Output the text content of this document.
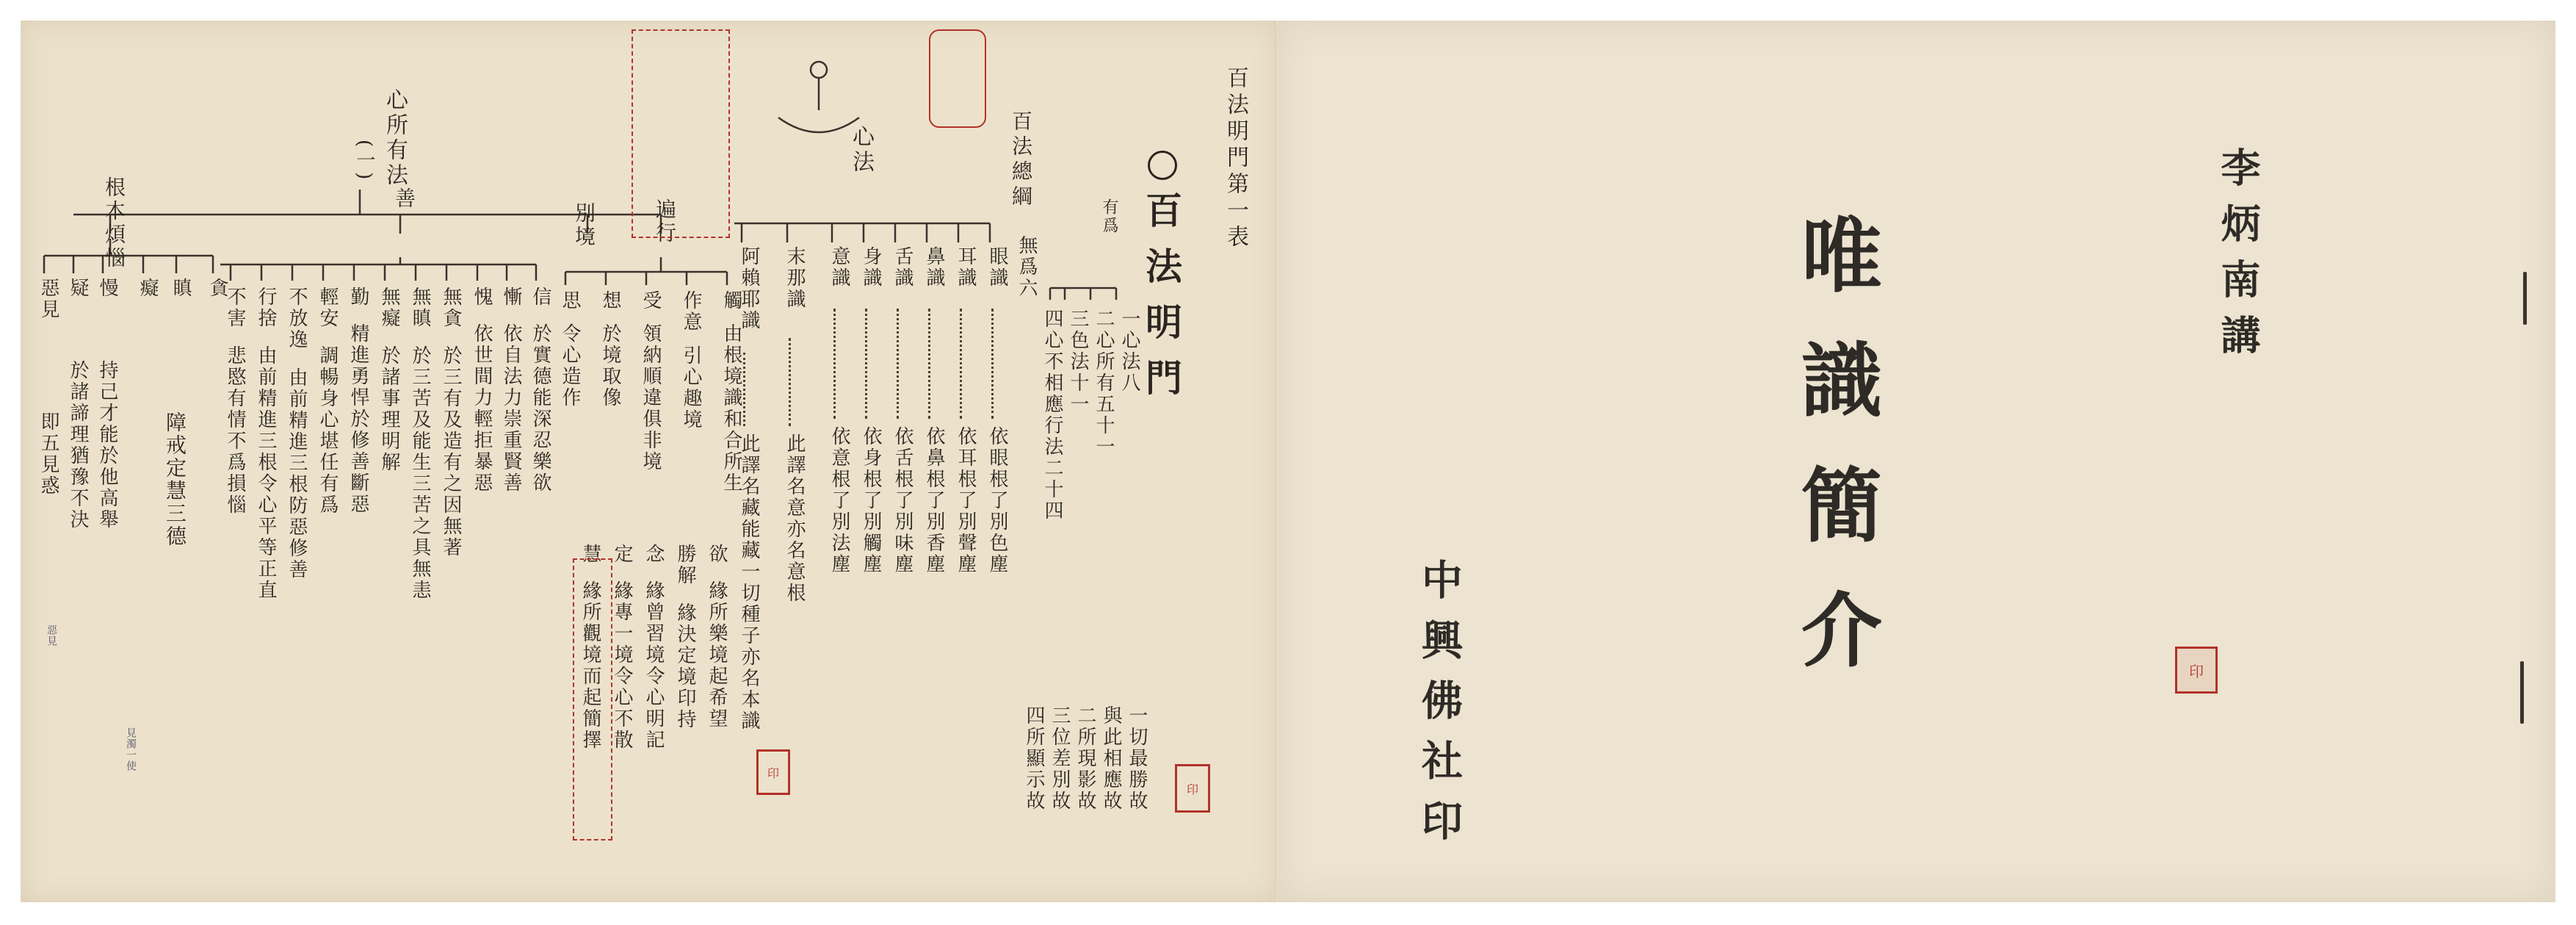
李炳南講
唯識簡介
中興佛社印	印
百法明門第一表
百法明門
百法總綱
有爲
一心法八
二心所有五十一
三色法十一
四心不相應行法二十四
無爲六
一切最勝故
與此相應故
二所現影故
三位差別故
四所顯示故
心法
眼識
依眼根了別色塵
耳識
依耳根了別聲塵
鼻識
依鼻根了別香塵
舌識
依舌根了別味塵
身識
依身根了別觸塵
意識
依意根了別法塵
末那識
此譯名意亦名意根
阿賴耶識
此譯名藏能藏一切種子亦名本識
心所有法
(一)
遍行
觸
由根境識和合所生
作意
引心趣境
受
領納順違俱非境
想
於境取像
思
令心造作
別境
欲
緣所樂境起希望
勝解
緣決定境印持
念
緣曾習境令心明記
定
緣專一境令心不散
慧
緣所觀境而起簡擇
善
信
於實德能深忍樂欲
慚
依自法力崇重賢善
愧
依世間力輕拒暴惡
無貪
於三有及造有之因無著
無瞋
於三苦及能生三苦之具無恚
無癡
於諸事理明解
勤
精進勇悍於修善斷惡
輕安
調暢身心堪任有爲
不放逸
由前精進三根防惡修善
行捨
由前精進三根令心平等正直
不害
悲愍有情不爲損惱
根本煩惱
貪
瞋
癡
慢
持己才能於他高舉
疑
於諸諦理猶豫不決
惡見
即五見惑	障戒定慧三德
惡見
見濁一使
印
印
